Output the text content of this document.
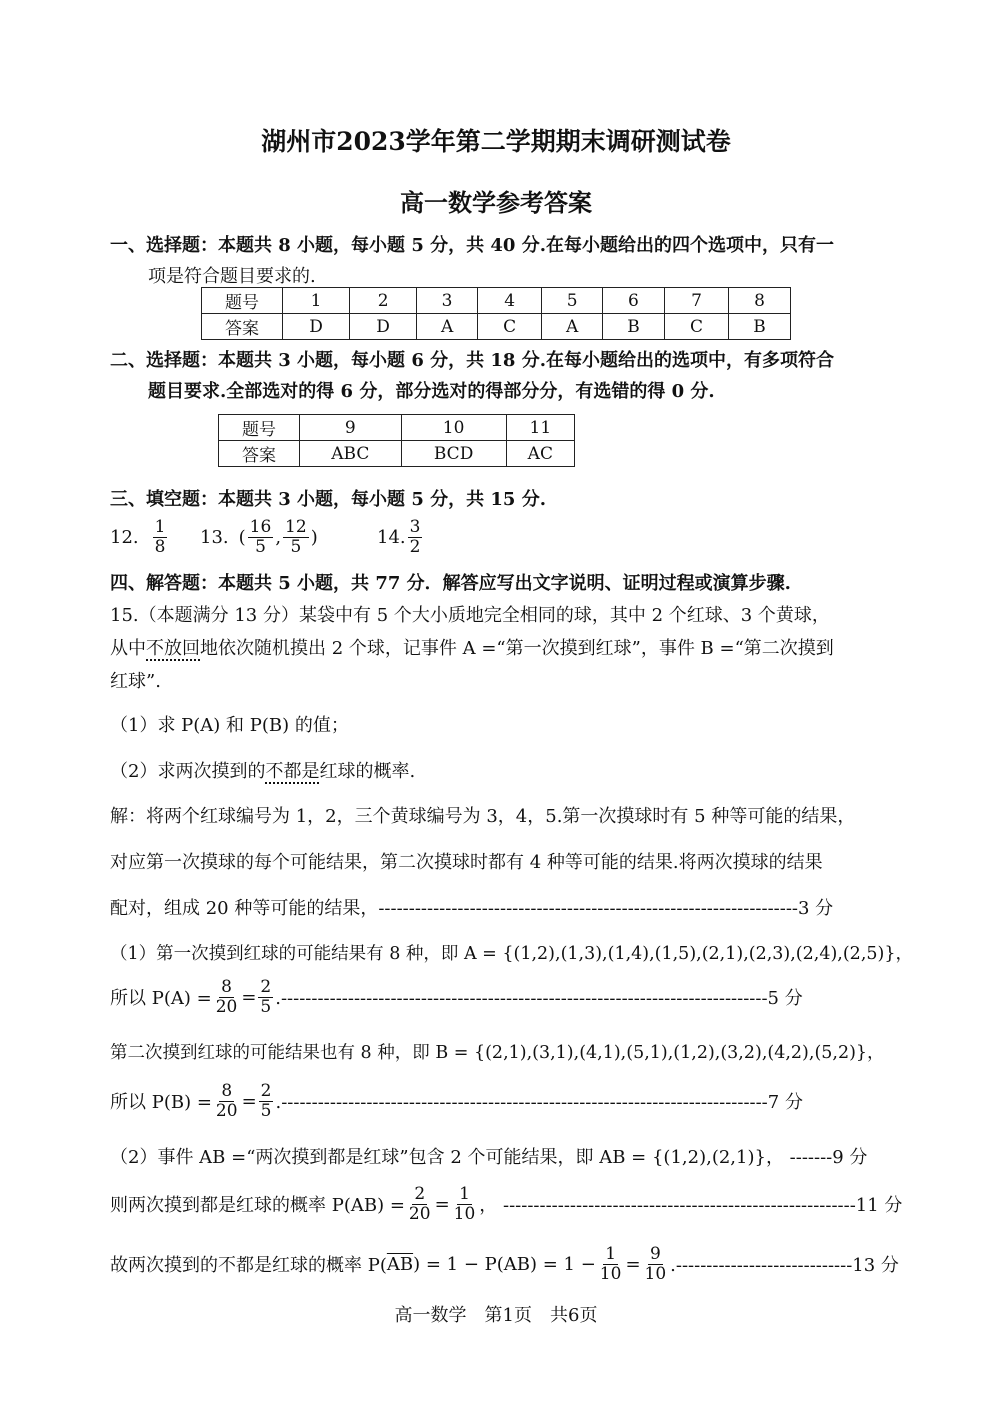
湖州市2023学年第二学期期末调研测试卷
高一数学参考答案
一、选择题：本题共 8 小题，每小题 5 分，共 40 分.在每小题给出的四个选项中，只有一
项是符合题目要求的.
题号	1	2	3	4	5	6	7	8
答案	D	D	A	C	A	B	C	B
二、选择题：本题共 3 小题，每小题 6 分，共 18 分.在每小题给出的选项中，有多项符合
题目要求.全部选对的得 6 分，部分选对的得部分分，有选错的得 0 分.
题号	9	10	11
答案	ABC	BCD	AC
三、填空题：本题共 3 小题，每小题 5 分，共 15 分.
12. $\frac{1}{8} 13$. ( $\frac{16}{5}$ , $\frac{12}{5}$ )	14. $\frac{3}{2}$
四、解答题：本题共 5 小题，共 77 分．解答应写出文字说明、证明过程或演算步骤.
15.（本题满分 13 分）某袋中有 5 个大小质地完全相同的球，其中 2 个红球、3 个黄球，
从中不放回地依次随机摸出 2 个球，记事件 A =“第一次摸到红球”，事件 B =“第二次摸到
红球”.
（1）求 P(A) 和 P(B) 的值；
（2）求两次摸到的不都是红球的概率.
解：将两个红球编号为 1，2，三个黄球编号为 3，4，5.第一次摸球时有 5 种等可能的结果，
对应第一次摸球的每个可能结果，第二次摸球时都有 4 种等可能的结果.将两次摸球的结果
配对，组成 20 种等可能的结果，---------------------------------------------------------------------3 分
（1）第一次摸到红球的可能结果有 8 种，即 A = {(1,2),(1,3),(1,4),(1,5),(2,1),(2,3),(2,4),(2,5)}，
所以 $P(A) = \frac{8}{20} = \frac{2}{5} .--------------------------------------------------------------------------------5$ 分
第二次摸到红球的可能结果也有 8 种，即 B = {(2,1),(3,1),(4,1),(5,1),(1,2),(3,2),(4,2),(5,2)}，
所以 $P(B) = \frac{8}{20} = \frac{2}{5} .--------------------------------------------------------------------------------7$ 分
（2）事件 AB =“两次摸到都是红球”包含 2 个可能结果，即 AB = {(1,2),(2,1)}， -------9 分
则两次摸到都是红球的概率 $P(AB) = \frac{2}{20} = \frac{1}{10}$ ， ----------------------------------------------------------11 分
故两次摸到的不都是红球的概率 P( $\overline{AB}$ ) = $1 - P(AB) = 1 - \frac{1}{10} = \frac{9}{10} .-----------------------------13$ 分
高一数学　第1页　共6页
